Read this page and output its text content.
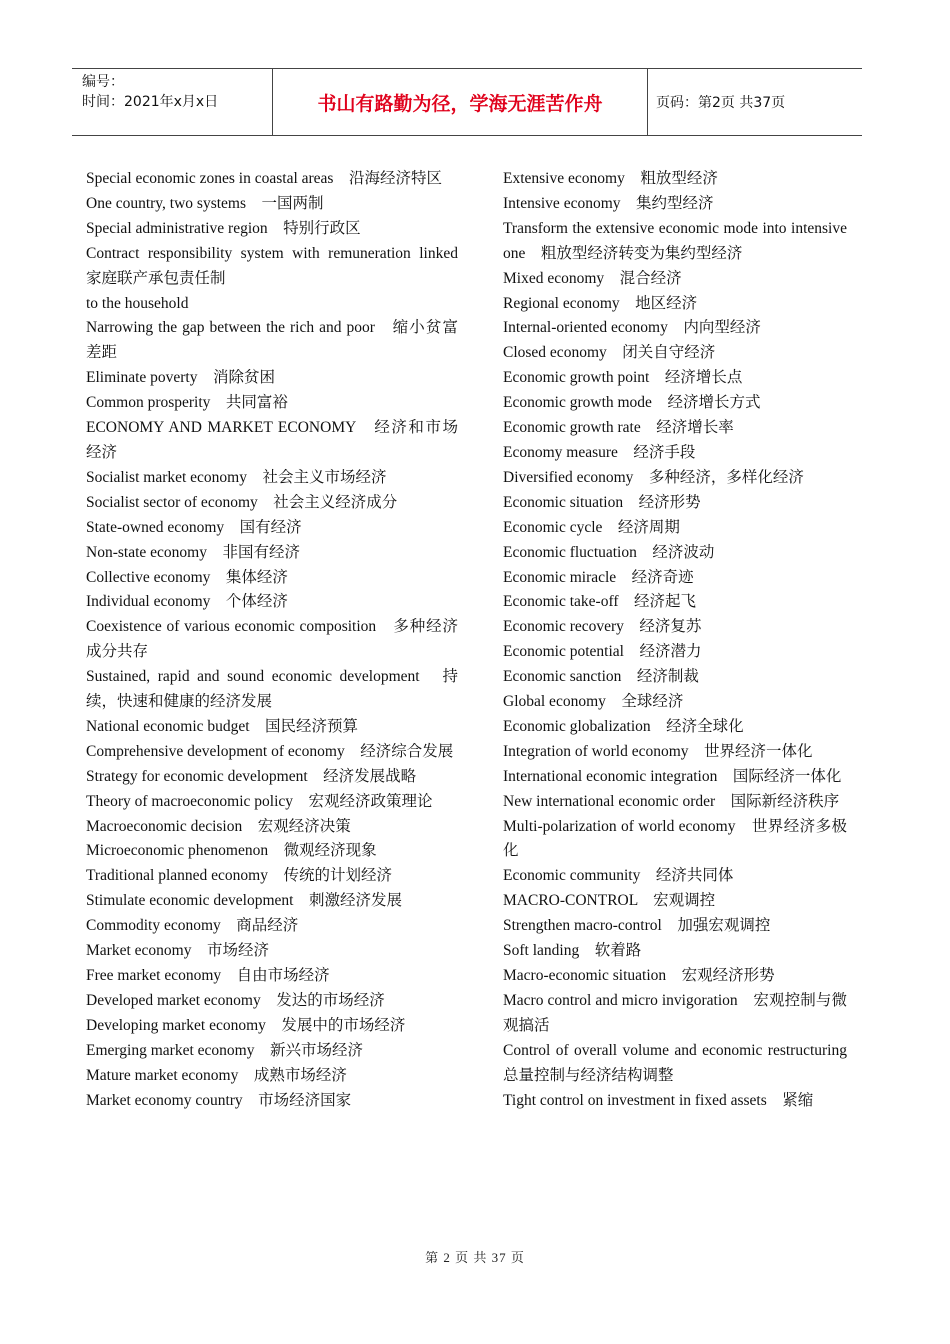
编号：
时间：2021年x月x日	书山有路勤为径，学海无涯苦作舟	页码：第2页 共37页
Special economic zones in coastal areas　沿海经济特区
One country, two systems　一国两制
Special administrative region　特别行政区
Contract responsibility system with remuneration linked　家庭联产承包责任制
to the household
Narrowing the gap between the rich and poor　缩小贫富差距
Eliminate poverty　消除贫困
Common prosperity　共同富裕
ECONOMY AND MARKET ECONOMY　经济和市场经济
Socialist market economy　社会主义市场经济
Socialist sector of economy　社会主义经济成分
State-owned economy　国有经济
Non-state economy　非国有经济
Collective economy　集体经济
Individual economy　个体经济
Coexistence of various economic composition　多种经济成分共存
Sustained, rapid and sound economic development　持续，快速和健康的经济发展
National economic budget　国民经济预算
Comprehensive development of economy　经济综合发展
Strategy for economic development　经济发展战略
Theory of macroeconomic policy　宏观经济政策理论
Macroeconomic decision　宏观经济决策
Microeconomic phenomenon　微观经济现象
Traditional planned economy　传统的计划经济
Stimulate economic development　刺激经济发展
Commodity economy　商品经济
Market economy　市场经济
Free market economy　自由市场经济
Developed market economy　发达的市场经济
Developing market economy　发展中的市场经济
Emerging market economy　新兴市场经济
Mature market economy　成熟市场经济
Market economy country　市场经济国家
Extensive economy　粗放型经济
Intensive economy　集约型经济
Transform the extensive economic mode into intensive one　粗放型经济转变为集约型经济
Mixed economy　混合经济
Regional economy　地区经济
Internal-oriented economy　内向型经济
Closed economy　闭关自守经济
Economic growth point　经济增长点
Economic growth mode　经济增长方式
Economic growth rate　经济增长率
Economy measure　经济手段
Diversified economy　多种经济，多样化经济
Economic situation　经济形势
Economic cycle　经济周期
Economic fluctuation　经济波动
Economic miracle　经济奇迹
Economic take-off　经济起飞
Economic recovery　经济复苏
Economic potential　经济潜力
Economic sanction　经济制裁
Global economy　全球经济
Economic globalization　经济全球化
Integration of world economy　世界经济一体化
International economic integration　国际经济一体化
New international economic order　国际新经济秩序
Multi-polarization of world economy　世界经济多极化
Economic community　经济共同体
MACRO-CONTROL　宏观调控
Strengthen macro-control　加强宏观调控
Soft landing　软着路
Macro-economic situation　宏观经济形势
Macro control and micro invigoration　宏观控制与微观搞活
Control of overall volume and economic restructuring　总量控制与经济结构调整
Tight control on investment in fixed assets　紧缩
第 2 页 共 37 页
